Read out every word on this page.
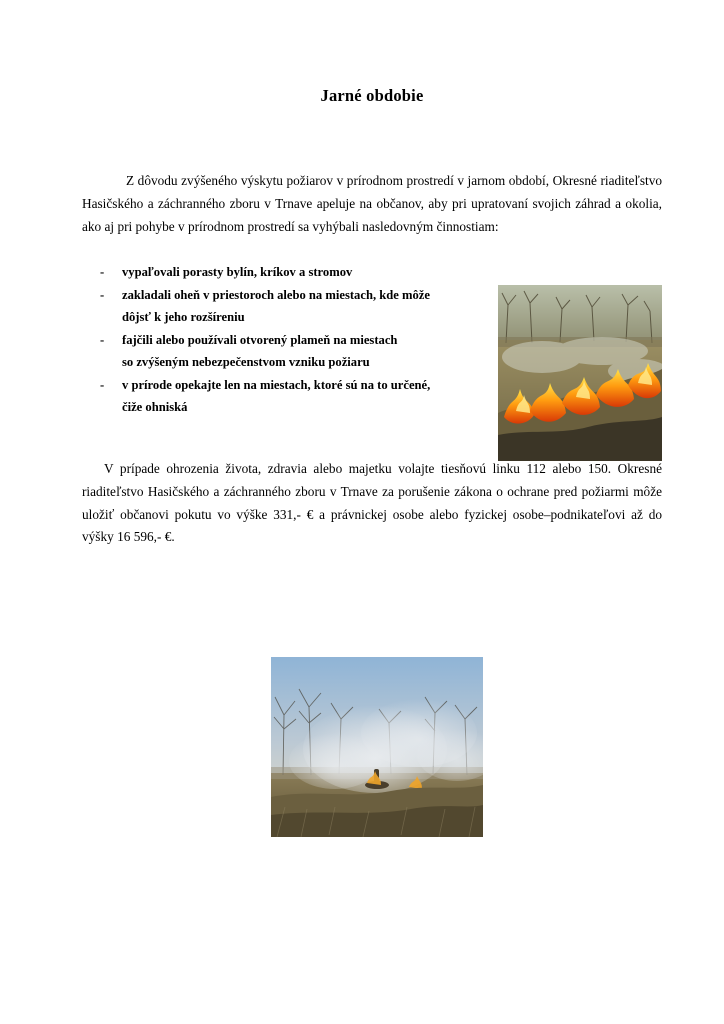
Jarné obdobie

Z dôvodu zvýšeného výskytu požiarov v prírodnom prostredí v jarnom období, Okresné riaditeľstvo Hasičského a záchranného zboru v Trnave apeluje na občanov, aby pri upratovaní svojich záhrad a okolia, ako aj pri pohybe v prírodnom prostredí sa vyhýbali nasledovným činnostiam:

- vypaľovali porasty bylín, kríkov a stromov
- zakladali oheň v priestoroch alebo na miestach, kde môže
dôjsť k jeho rozšíreniu
- fajčili alebo používali otvorený plameň na miestach
so zvýšeným nebezpečenstvom vzniku požiaru
- v prírode opekajte len na miestach, ktoré sú na to určené,
čiže ohniská

V prípade ohrozenia života, zdravia alebo majetku volajte tiesňovú linku 112 alebo 150. Okresné riaditeľstvo Hasičského a záchranného zboru v Trnave za porušenie zákona o ochrane pred požiarmi môže uložiť občanovi pokutu vo výške 331,- € a právnickej osobe alebo fyzickej osobe–podnikateľovi až do výšky 16 596,- €.
